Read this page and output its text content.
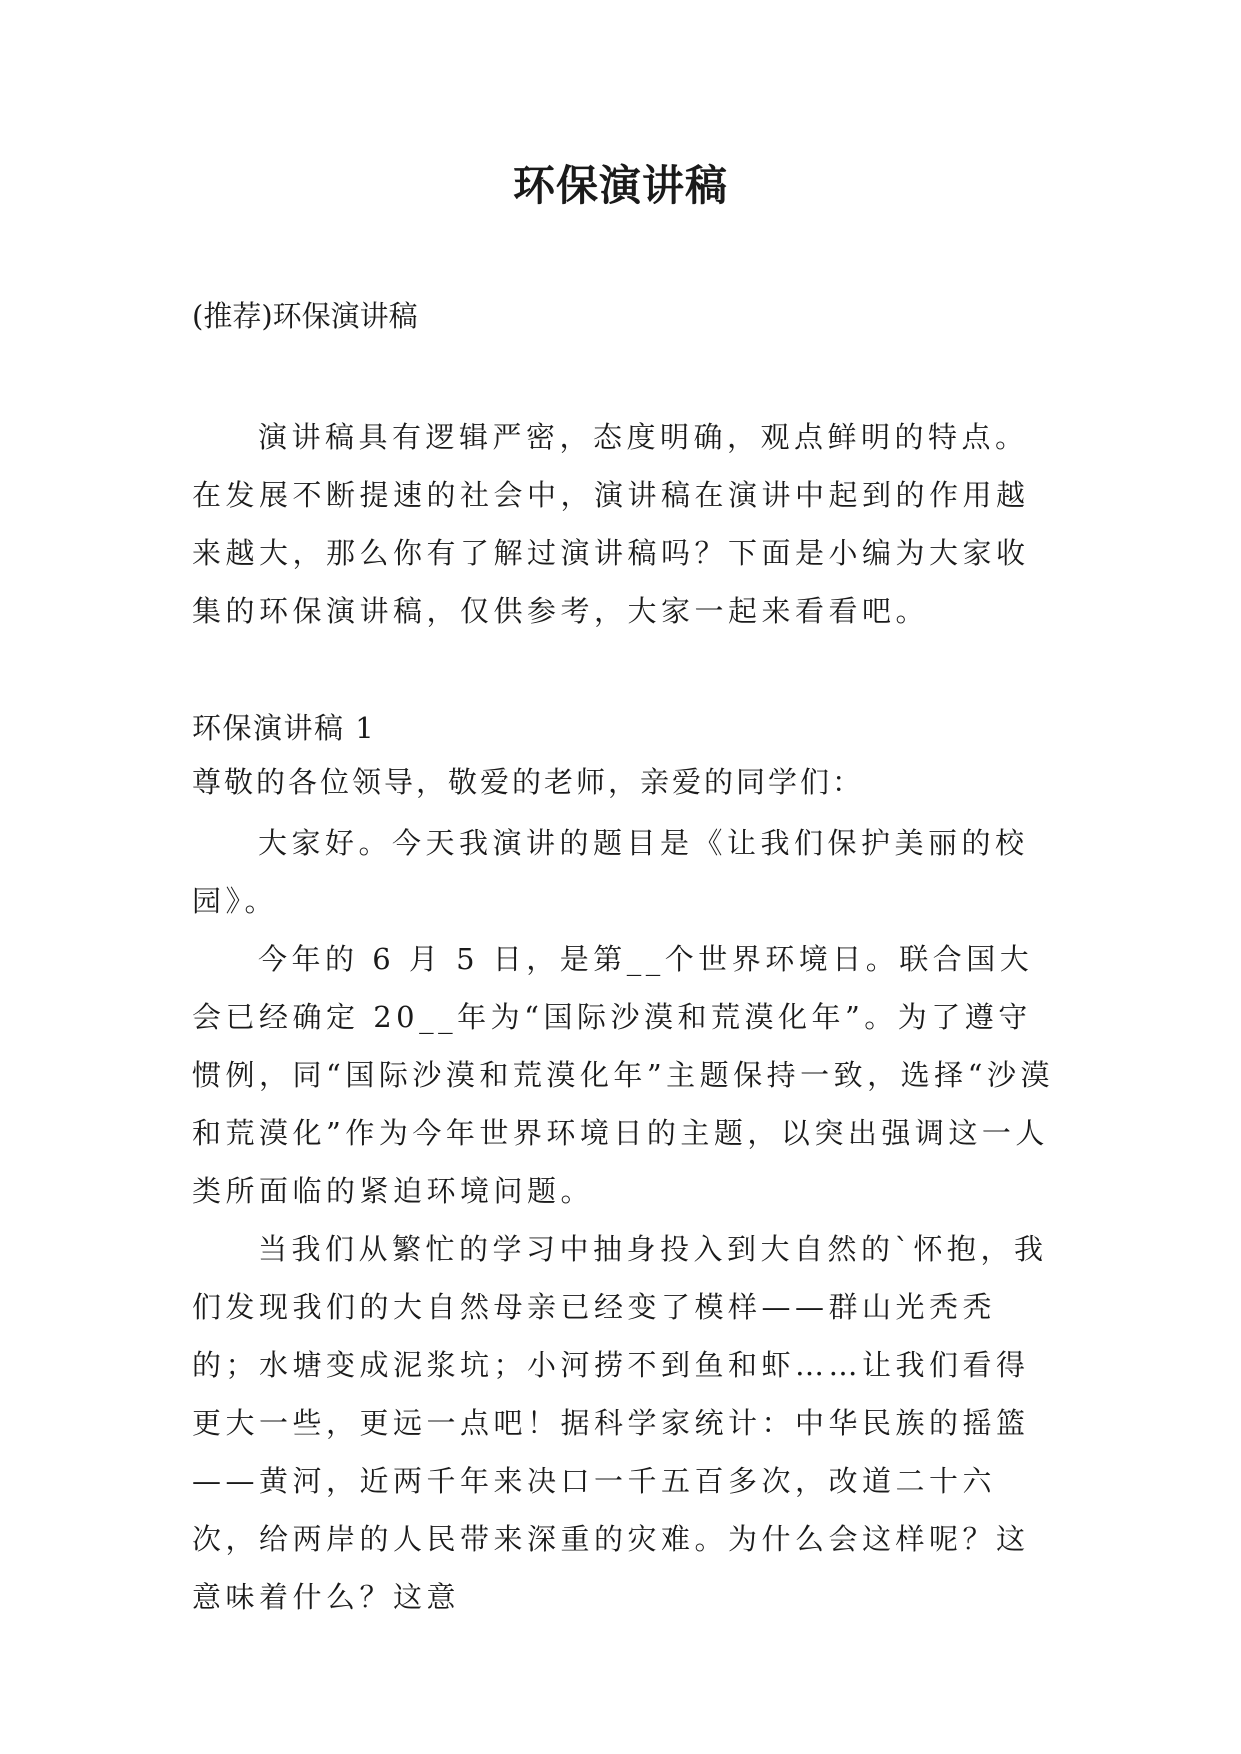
环保演讲稿
(推荐)环保演讲稿

演讲稿具有逻辑严密，态度明确，观点鲜明的特点。在发展不断提速的社会中，演讲稿在演讲中起到的作用越来越大，那么你有了解过演讲稿吗？下面是小编为大家收集的环保演讲稿，仅供参考，大家一起来看看吧。

环保演讲稿 1

尊敬的各位领导，敬爱的老师，亲爱的同学们：

大家好。今天我演讲的题目是《让我们保护美丽的校园》。

今年的 6 月 5 日，是第__个世界环境日。联合国大会已经确定 20__年为“国际沙漠和荒漠化年”。为了遵守惯例，同“国际沙漠和荒漠化年”主题保持一致，选择“沙漠和荒漠化”作为今年世界环境日的主题，以突出强调这一人类所面临的紧迫环境问题。

当我们从繁忙的学习中抽身投入到大自然的`怀抱，我们发现我们的大自然母亲已经变了模样——群山光秃秃的；水塘变成泥浆坑；小河捞不到鱼和虾……让我们看得更大一些，更远一点吧！据科学家统计：中华民族的摇篮——黄河，近两千年来决口一千五百多次，改道二十六次，给两岸的人民带来深重的灾难。为什么会这样呢？这意味着什么？这意
